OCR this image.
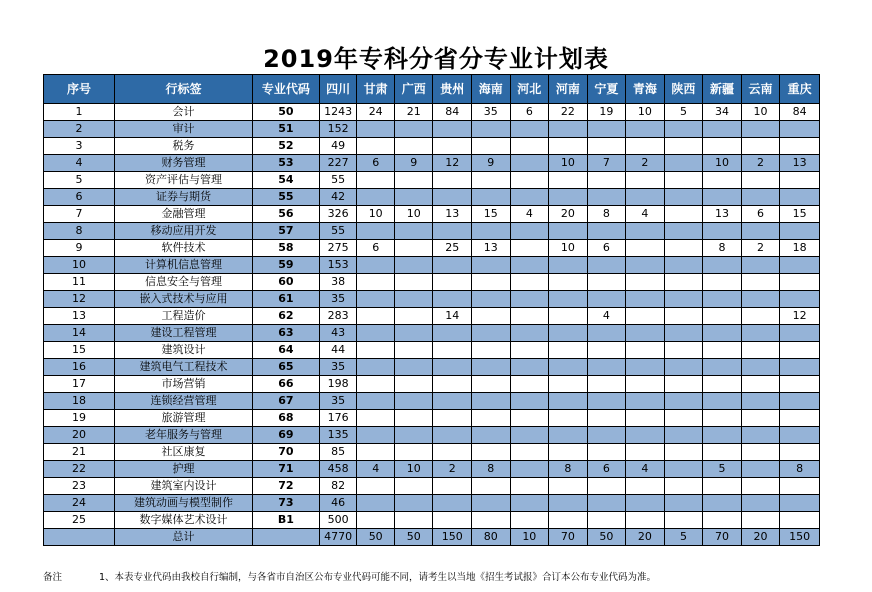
2019年专科分省分专业计划表
序号	行标签	专业代码	四川	甘肃	广西	贵州	海南	河北	河南	宁夏	青海	陕西	新疆	云南	重庆
1	会计	50	1243	24	21	84	35	6	22	19	10	5	34	10	84
2	审计	51	152												
3	税务	52	49												
4	财务管理	53	227	6	9	12	9		10	7	2		10	2	13
5	资产评估与管理	54	55												
6	证券与期货	55	42												
7	金融管理	56	326	10	10	13	15	4	20	8	4		13	6	15
8	移动应用开发	57	55												
9	软件技术	58	275	6		25	13		10	6			8	2	18
10	计算机信息管理	59	153												
11	信息安全与管理	60	38												
12	嵌入式技术与应用	61	35												
13	工程造价	62	283			14				4					12
14	建设工程管理	63	43												
15	建筑设计	64	44												
16	建筑电气工程技术	65	35												
17	市场营销	66	198												
18	连锁经营管理	67	35												
19	旅游管理	68	176												
20	老年服务与管理	69	135												
21	社区康复	70	85												
22	护理	71	458	4	10	2	8		8	6	4		5		8
23	建筑室内设计	72	82												
24	建筑动画与模型制作	73	46												
25	数字媒体艺术设计	B1	500												
	总计		4770	50	50	150	80	10	70	50	20	5	70	20	150
备注	1、本表专业代码由我校自行编制，与各省市自治区公布专业代码可能不同，请考生以当地《招生考试报》合订本公布专业代码为准。
